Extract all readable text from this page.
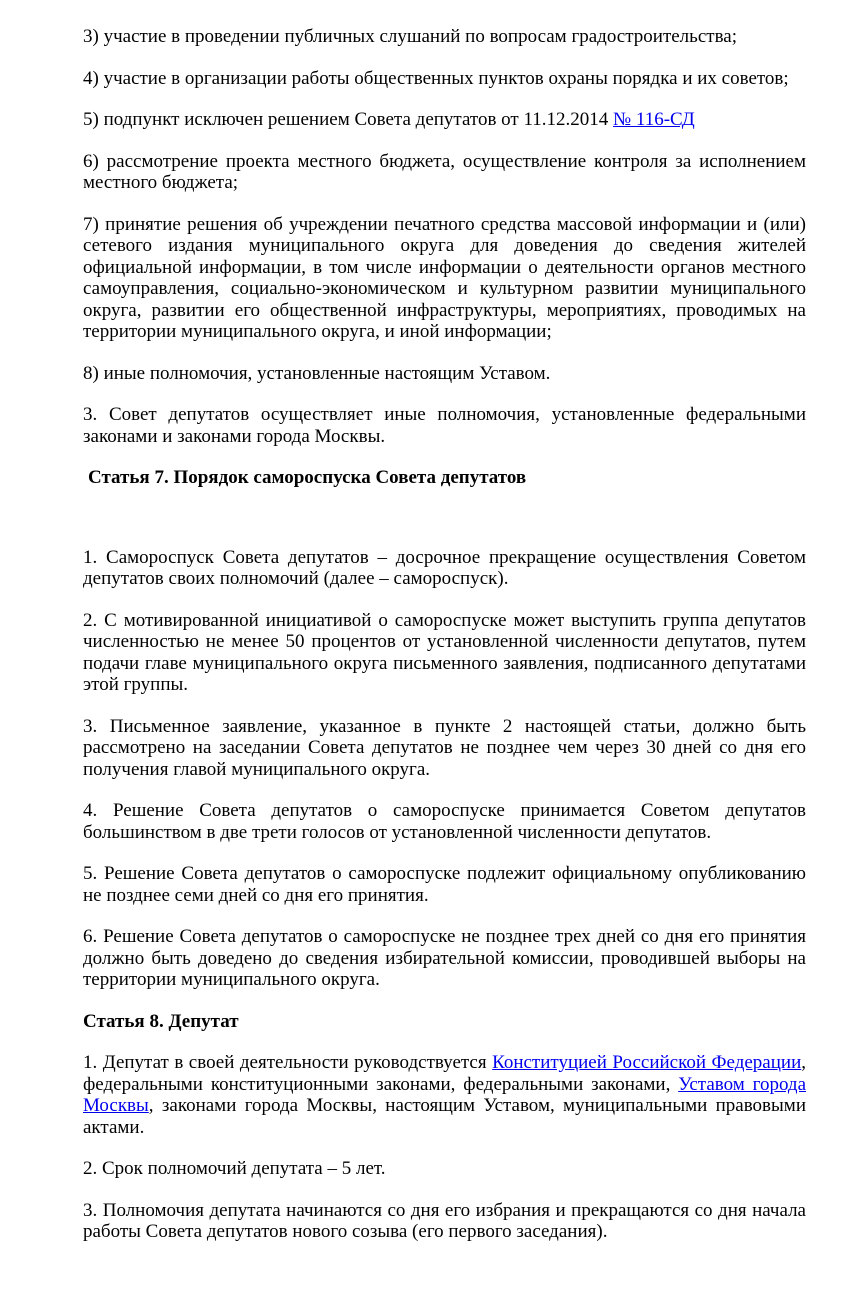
3) участие в проведении публичных слушаний по вопросам градостроительства;

4) участие в организации работы общественных пунктов охраны порядка и их советов;

5) подпункт исключен решением Совета депутатов от 11.12.2014 № 116-СД

6) рассмотрение проекта местного бюджета, осуществление контроля за исполнением местного бюджета;

7) принятие решения об учреждении печатного средства массовой информации и (или) сетевого издания муниципального округа для доведения до сведения жителей официальной информации, в том числе информации о деятельности органов местного самоуправления, социально-экономическом и культурном развитии муниципального округа, развитии его общественной инфраструктуры, мероприятиях, проводимых на территории муниципального округа, и иной информации;

8) иные полномочия, установленные настоящим Уставом.

3. Совет депутатов осуществляет иные полномочия, установленные федеральными законами и законами города Москвы.

Статья 7. Порядок самороспуска Совета депутатов

1. Самороспуск Совета депутатов – досрочное прекращение осуществления Советом депутатов своих полномочий (далее – самороспуск).

2. С мотивированной инициативой о самороспуске может выступить группа депутатов численностью не менее 50 процентов от установленной численности депутатов, путем подачи главе муниципального округа письменного заявления, подписанного депутатами этой группы.

3. Письменное заявление, указанное в пункте 2 настоящей статьи, должно быть рассмотрено на заседании Совета депутатов не позднее чем через 30 дней со дня его получения главой муниципального округа.

4. Решение Совета депутатов о самороспуске принимается Советом депутатов большинством в две трети голосов от установленной численности депутатов.

5. Решение Совета депутатов о самороспуске подлежит официальному опубликованию не позднее семи дней со дня его принятия.

6. Решение Совета депутатов о самороспуске не позднее трех дней со дня его принятия должно быть доведено до сведения избирательной комиссии, проводившей выборы на территории муниципального округа.

Статья 8. Депутат

1. Депутат в своей деятельности руководствуется Конституцией Российской Федерации, федеральными конституционными законами, федеральными законами, Уставом города Москвы, законами города Москвы, настоящим Уставом, муниципальными правовыми актами.

2. Срок полномочий депутата – 5 лет.

3. Полномочия депутата начинаются со дня его избрания и прекращаются со дня начала работы Совета депутатов нового созыва (его первого заседания).
